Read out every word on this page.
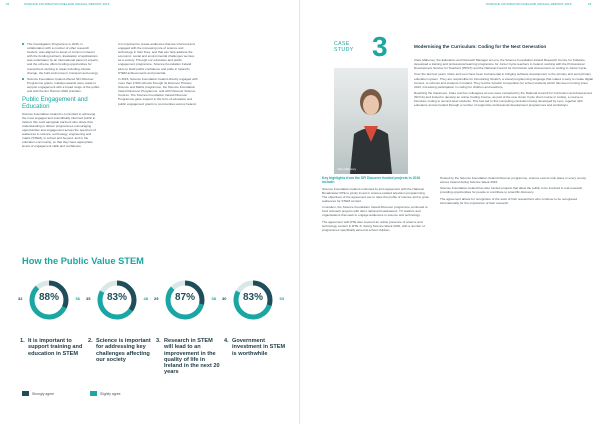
22	SCIENCE FOUNDATION IRELAND ANNUAL REPORT 2016
The Investigators Programme in 2016, in collaboration with a number of other research funders, was aligned to areas of common interest with the funding partners. Evaluation of applications was undertaken by an international panel of experts, and the scheme offers funding opportunities for researchers working in areas including climate change, the built environment, transport and energy.
Science Foundation Ireland offered SFI Discover Programme grants. Catalyst awards were made to support engagement with a broad range of the public and with the EU Horizon 2020 priorities.
Public Engagement and Education

Science Foundation Ireland is committed to achieving the most engaged and scientifically informed public in Ireland. We work alongside partners who share that understanding to deliver programmes encouraging opportunities and engagement across the spectrum of audiences in science, technology, engineering and maths (STEM), in school and beyond, and in the education community, so that they have appropriate levels of engagement skills and confidence.

It is important to create audiences that are informed and engaged with the increasing role of science and technology in their lives, and that can help address the economic, social and environmental challenges we face as a society. Through our education and public engagement programme, Science Foundation Ireland aims to build public confidence and pride in Ireland's STEM achievements and potential.

In 2016, Science Foundation Ireland directly engaged with more than 2,500 schools through its Discover Primary Science and Maths programme, the Science Foundation Ireland Discover Programme, and with Discover Science Centres. The Science Foundation Ireland Discover Programme gave support in the form of education and public engagement grants to communities across Ireland.

How the Public Value STEM
32	88%	56 35	83%	48 29	87%	58 30	83%	53
1. It is important to support training and education in STEM
2. Science is important for addressing key challenges affecting our society
3. Research in STEM will lead to an improvement in the quality of life in Ireland in the next 20 years
4. Government investment in STEM is worthwhile
Strongly agree	Slightly agree
SCIENCE FOUNDATION IRELAND ANNUAL REPORT 2016	23
CASE
STUDY 3	Modernising the Curriculum: Coding for the Next Generation
Clare Mahoney

Clare Mahoney, the Education and Outreach Manager at Lero, the Science Foundation Ireland Research Centre for Software, developed a training and professional learning programme for Junior Cycle teachers in Ireland, working with the Professional Development Service for Teachers (PDST) and the National Council for Curriculum and Assessment on coding in Junior Cycle.

Over the last few years, Clare and Lero have been instrumental in bringing software development to the primary and post-primary education system. They are responsible for introducing Scratch, a visual programming language that makes it easy to create digital content, to schools and students in Ireland. They led the Scratch Competition for school students which has been running since 2013, increasing participation in coding for children and teachers.

Reaching the classroom, Clare and her colleagues at Lero were contacted by the National Council for Curriculum and Assessment (NCCA) and invited to develop an online Coding Course, as part of the new Junior Cycle short course in coding, a course to introduce coding to second-level students. This has led to this computing curriculum being developed by Lero, together with educators across Ireland through a number of supportive professional development programmes and workshops.

Key highlights from the SFI Discover funded projects in 2016 include:

Science Foundation Ireland continued its joint agreement with the National Broadcaster RTE to jointly invest in science-related television programming. The objectives of the agreement are to raise the profile of science and to grow audiences for STEM content.

In tandem, the Science Foundation Ireland Discover programme continued to fund outreach projects with other national broadcasters, TV stations and organisations that seek to engage audiences in science and technology.

The agreement with RTE also covered an online presence of science and technology content in RTE Jr. during Science Week 2016, with a number of programmes specifically aimed at school children.

Hosted by the Science Foundation Ireland Discover programme, science events took place in every county across Ireland during Science Week 2016.

Science Foundation Ireland has also funded projects that allow the public to be involved in real research, providing opportunities for people to contribute to scientific discovery.

The agreement allows for recognition of the work of Irish researchers who continue to be recognised internationally for the importance of their research.
